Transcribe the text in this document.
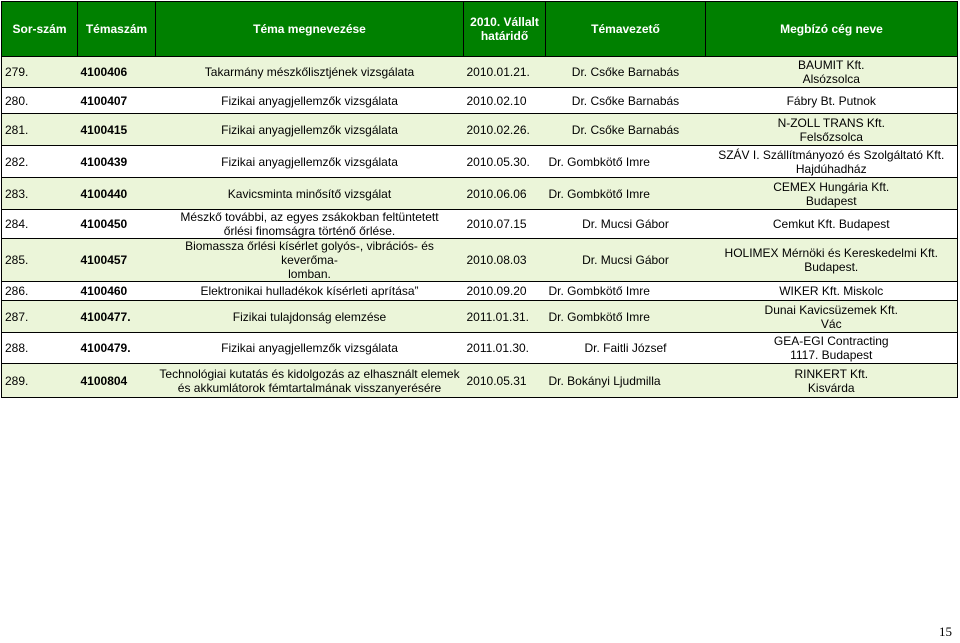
Sor-szám	Témaszám	Téma megnevezése	2010. Vállalt határidő	Témavezető	Megbízó cég neve
279.	4100406	Takarmány mészkőlisztjének vizsgálata	2010.01.21.	Dr. Csőke Barnabás	BAUMIT Kft.
Alsózsolca
280.	4100407	Fizikai anyagjellemzők vizsgálata	2010.02.10	Dr. Csőke Barnabás	Fábry Bt. Putnok
281.	4100415	Fizikai anyagjellemzők vizsgálata	2010.02.26.	Dr. Csőke Barnabás	N-ZOLL TRANS Kft.
Felsőzsolca
282.	4100439	Fizikai anyagjellemzők vizsgálata	2010.05.30.	Dr. Gombkötő Imre	SZÁV I. Szállítmányozó és Szolgáltató Kft.
Hajdúhadház
283.	4100440	Kavicsminta minősítő vizsgálat	2010.06.06	Dr. Gombkötő Imre	CEMEX Hungária Kft.
Budapest
284.	4100450	Mészkő további, az egyes zsákokban feltüntetett
őrlési finomságra történő őrlése.	2010.07.15	Dr. Mucsi Gábor	Cemkut Kft. Budapest
285.	4100457	Biomassza őrlési kísérlet golyós-, vibrációs- és keverőma-
lomban.	2010.08.03	Dr. Mucsi Gábor	HOLIMEX Mérnöki és Kereskedelmi Kft. Budapest.
286.	4100460	Elektronikai hulladékok kísérleti aprítása”	2010.09.20	Dr. Gombkötő Imre	WIKER Kft. Miskolc
287.	4100477.	Fizikai tulajdonság elemzése	2011.01.31.	Dr. Gombkötő Imre	Dunai Kavicsüzemek Kft.
Vác
288.	4100479.	Fizikai anyagjellemzők vizsgálata	2011.01.30.	Dr. Faitli József	GEA-EGI Contracting
1117. Budapest
289.	4100804	Technológiai kutatás és kidolgozás az elhasznált elemek
és akkumlátorok fémtartalmának visszanyerésére	2010.05.31	Dr. Bokányi Ljudmilla	RINKERT Kft.
Kisvárda
15
